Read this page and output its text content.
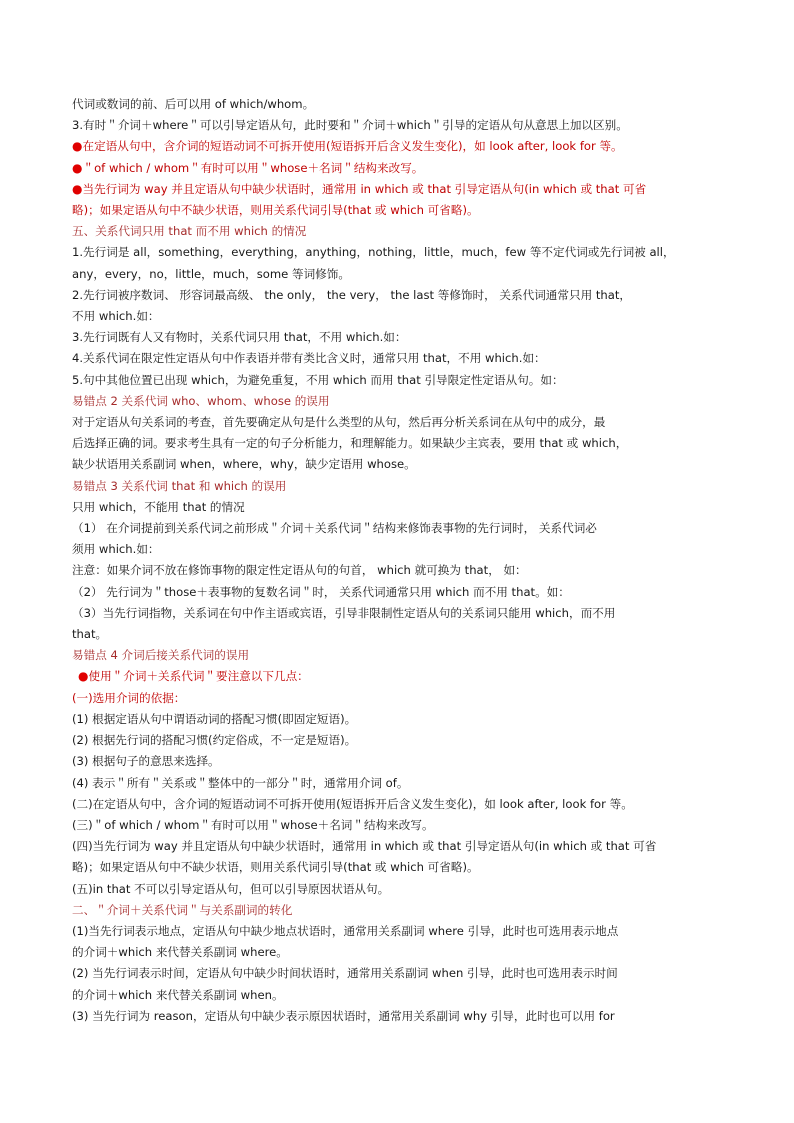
代词或数词的前、后可以用 of which/whom。
3.有时＂介词＋where＂可以引导定语从句，此时要和＂介词＋which＂引导的定语从句从意思上加以区别。
●在定语从句中，含介词的短语动词不可拆开使用(短语拆开后含义发生变化)，如 look after, look for 等。
●＂of which / whom＂有时可以用＂whose＋名词＂结构来改写。
●当先行词为 way 并且定语从句中缺少状语时，通常用 in which 或 that 引导定语从句(in which 或 that 可省
略)；如果定语从句中不缺少状语，则用关系代词引导(that 或 which 可省略)。
五、关系代词只用 that 而不用 which 的情况
1.先行词是 all，something，everything，anything，nothing，little，much，few 等不定代词或先行词被 all，
any，every，no，little，much，some 等词修饰。
2.先行词被序数词、 形容词最高级、 the only， the very， the last 等修饰时， 关系代词通常只用 that，
不用 which.如：
3.先行词既有人又有物时，关系代词只用 that，不用 which.如：
4.关系代词在限定性定语从句中作表语并带有类比含义时，通常只用 that，不用 which.如：
5.句中其他位置已出现 which，为避免重复，不用 which 而用 that 引导限定性定语从句。如：
易错点 2 关系代词 who、whom、whose 的误用
对于定语从句关系词的考查，首先要确定从句是什么类型的从句，然后再分析关系词在从句中的成分，最
后选择正确的词。要求考生具有一定的句子分析能力，和理解能力。如果缺少主宾表，要用 that 或 which，
缺少状语用关系副词 when，where，why，缺少定语用 whose。
易错点 3 关系代词 that 和 which 的误用
只用 which，不能用 that 的情况
（1） 在介词提前到关系代词之前形成＂介词＋关系代词＂结构来修饰表事物的先行词时， 关系代词必
须用 which.如：
注意：如果介词不放在修饰事物的限定性定语从句的句首， which 就可换为 that， 如：
（2） 先行词为＂those＋表事物的复数名词＂时， 关系代词通常只用 which 而不用 that。如：
（3）当先行词指物，关系词在句中作主语或宾语，引导非限制性定语从句的关系词只能用 which，而不用
that。
易错点 4 介词后接关系代词的误用
●使用＂介词＋关系代词＂要注意以下几点：
(一)选用介词的依据：
(1) 根据定语从句中谓语动词的搭配习惯(即固定短语)。
(2) 根据先行词的搭配习惯(约定俗成，不一定是短语)。
(3) 根据句子的意思来选择。
(4) 表示＂所有＂关系或＂整体中的一部分＂时，通常用介词 of。
(二)在定语从句中，含介词的短语动词不可拆开使用(短语拆开后含义发生变化)，如 look after, look for 等。
(三)＂of which / whom＂有时可以用＂whose＋名词＂结构来改写。
(四)当先行词为 way 并且定语从句中缺少状语时，通常用 in which 或 that 引导定语从句(in which 或 that 可省
略)；如果定语从句中不缺少状语，则用关系代词引导(that 或 which 可省略)。
(五)in that 不可以引导定语从句，但可以引导原因状语从句。
二、＂介词＋关系代词＂与关系副词的转化
(1)当先行词表示地点，定语从句中缺少地点状语时，通常用关系副词 where 引导，此时也可选用表示地点
的介词＋which 来代替关系副词 where。
(2) 当先行词表示时间，定语从句中缺少时间状语时，通常用关系副词 when 引导，此时也可选用表示时间
的介词＋which 来代替关系副词 when。
(3) 当先行词为 reason，定语从句中缺少表示原因状语时，通常用关系副词 why 引导，此时也可以用 for
